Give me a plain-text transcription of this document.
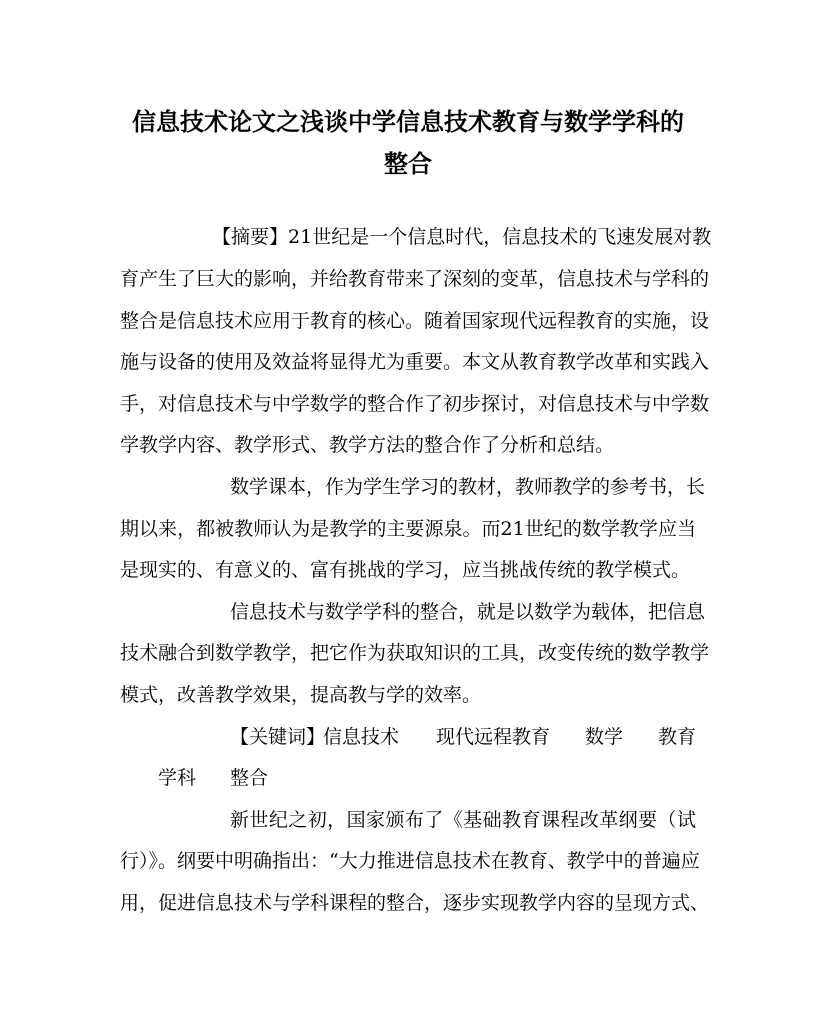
信息技术论文之浅谈中学信息技术教育与数学学科的
整合
【摘要】 21世纪是一个信息时代，信息技术的飞速发展对教
育产生了巨大的影响，并给教育带来了深刻的变革，信息技术与学科的
整合是信息技术应用于教育的核心。随着国家现代远程教育的实施，设
施与设备的使用及效益将显得尤为重要。本文从教育教学改革和实践入
手，对信息技术与中学数学的整合作了初步探讨，对信息技术与中学数
学教学内容、教学形式、教学方法的整合作了分析和总结。
数学课本，作为学生学习的教材，教师教学的参考书，长
期以来，都被教师认为是教学的主要源泉。而21世纪的数学教学应当
是现实的、有意义的、富有挑战的学习，应当挑战传统的教学模式。
信息技术与数学学科的整合，就是以数学为载体，把信息
技术融合到数学教学，把它作为获取知识的工具，改变传统的数学教学
模式，改善教学效果，提高教与学的效率。
【关键词】
信息技术 现代远程教育 数学 教育
学科 整合
新世纪之初，国家颁布了《基础教育课程改革纲要（试
行）》。纲要中明确指出：“大力推进信息技术在教育、教学中的普遍应
用，促进信息技术与学科课程的整合，逐步实现教学内容的呈现方式、
